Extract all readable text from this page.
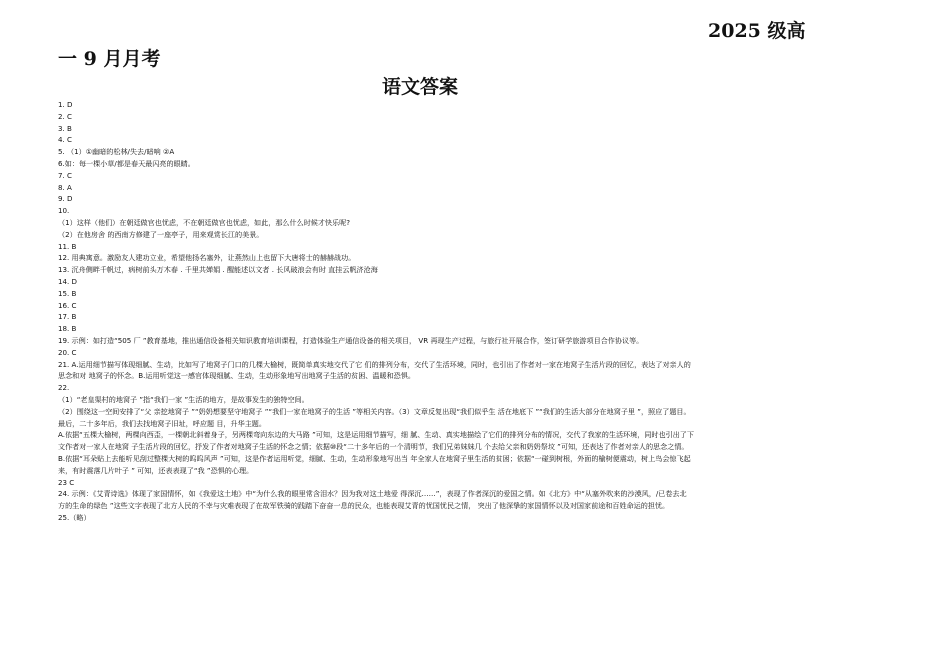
2025 级高
一 9 月月考
语文答案
1. D
2. C
3. B
4. C
5. （1）①幽暗的松林/失去/暗响 ②A
6.如：每一棵小草/都是春天最闪亮的眼睛。
7. C
8. A
9. D
10.
（1）这样（他们）在朝廷做官也忧虑，不在朝廷做官也忧虑，如此，那么什么时候才快乐呢?
（2）在他房舍 的西南方修建了一座亭子，用来观赏长江的美景。
11. B
12. 用典寓意。激励友人建功立业，希望他扬名塞外，让燕然山上也留下大唐将士的赫赫战功。
13. 沉舟侧畔千帆过，病树前头万木春 . 千里共婵娟 . 醒能述以文者 . 长风破浪会有时 直挂云帆济沧海
14. D
15. B
16. C
17. B
18. B
19. 示例：如打造“505 厂 ”教育基地，推出通信设备相关知识教育培训课程，打造体验生产通信设备的相关项目， VR 再现生产过程，与旅行社开展合作，签订研学旅游项目合作协议等。
20. C
21. A.运用细节描写体现细腻、生动，比如写了地窝子门口的几棵大榆树，既简单真实地交代了它 们的排列分布，交代了生活环境，同时，也引出了作者对一家在地窝子生活片段的回忆，表达了对亲人的
思念和对 地窝子的怀念。B.运用听觉这一感官体现细腻、生动，生动形象地写出地窝子生活的贫困、温暖和恐惧。
22.
（1）“老皇渠村的地窝子 ”指“我们一家 ”生活的地方，是故事发生的独特空间。
（2）围绕这一空间安排了“父 亲挖地窝子 ”“奶奶想要坚守地窝子 ”“我们一家在地窝子的生活 ”等相关内容。（3）文章反复出现“我们似乎生 活在地底下 ”“我们的生活大部分在地窝子里 ”，照应了题目。
最后，二十多年后，我们去找地窝子旧址，呼应题 目，升华主题。
A.依据“五棵大榆树，两棵向西歪，一棵朝北斜着身子，另两棵弯向东边的大马路 ”可知，这是运用细节描写，细 腻、生动、真实地描绘了它们的排列分布的情况，交代了我家的生活环境，同时也引出了下
文作者对一家人在地窝 子生活片段的回忆，抒发了作者对地窝子生活的怀念之情；依据⑩段“二十多年后的一个清明节，我们兄弟妹妹几 个去给父亲和奶奶祭坟 ”可知，还表达了作者对亲人的思念之情。
B.依据“耳朵贴上去能听见刮过整棵大树的呜呜风声 ”可知，这是作者运用听觉，细腻、生动，生动形象地写出当 年全家人在地窝子里生活的贫困；依据“一碰到树根，外面的榆树便震动，树上鸟会惊飞起
来，有时震落几片叶子 ” 可知，还表表现了“我 ”恐惧的心理。
23 C
24. 示例：《艾青诗选》体现了家国情怀，如《我爱这土地》中“为什么我的眼里常含泪水？因为我对这土地爱 得深沉……”，表现了作者深沉的爱国之情。如《北方》中“从塞外吹来的沙漠风，/已卷去北
方的生命的绿色 ”这些文字表现了北方人民的不幸与灾难表现了在故军铁骑的践踏下奋奋一息的民众，也能表现艾青的忧国忧民之情， 突出了他深挚的家国情怀以及对国家前途和百姓命运的担忧。
25.（略）
